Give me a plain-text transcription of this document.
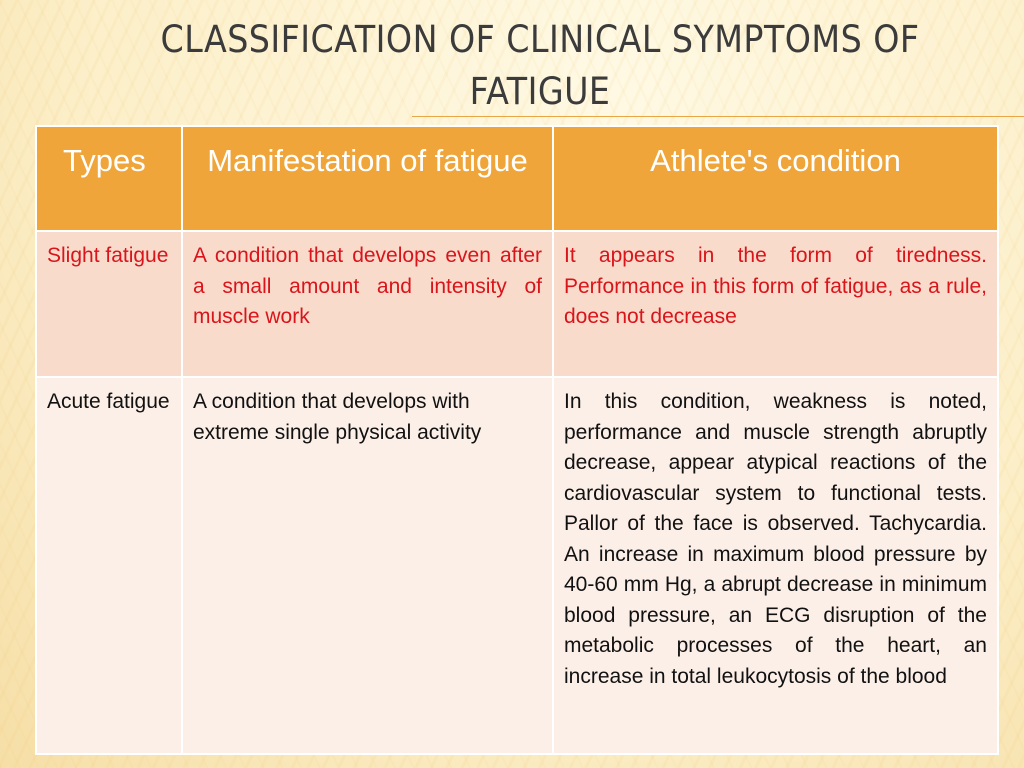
CLASSIFICATION OF CLINICAL SYMPTOMS OF
FATIGUE
Types	Manifestation of fatigue	Athlete's condition
Slight fatigue	A condition that develops even after a small amount and intensity of muscle work	It appears in the form of tiredness. Performance in this form of fatigue, as a rule, does not decrease
Acute fatigue	A condition that develops with extreme single physical activity	In this condition, weakness is noted, performance and muscle strength abruptly decrease, appear atypical reactions of the cardiovascular system to functional tests. Pallor of the face is observed. Tachycardia. An increase in maximum blood pressure by 40-60 mm Hg, a abrupt decrease in minimum blood pressure, an ECG disruption of the metabolic processes of the heart, an increase in total leukocytosis of the blood
